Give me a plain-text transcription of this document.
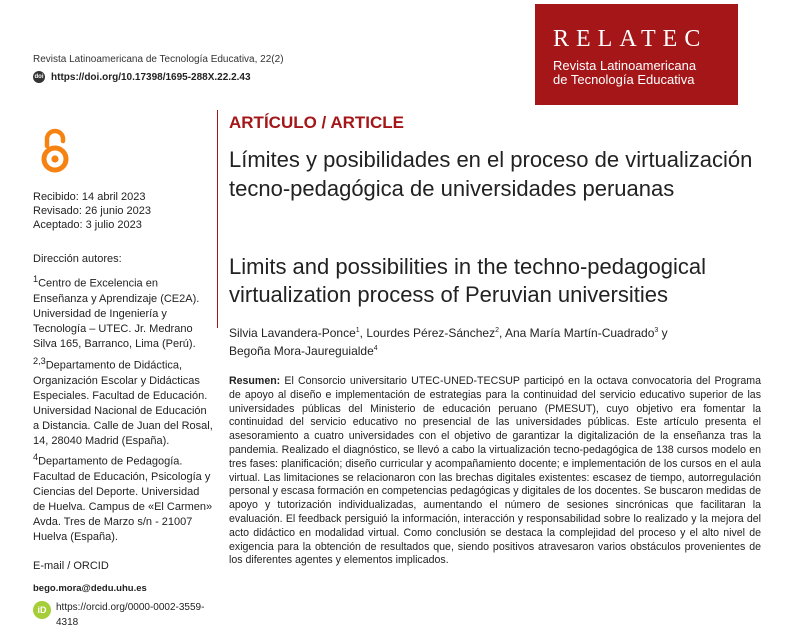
Revista Latinoamericana de Tecnología Educativa, 22(2)
doi https://doi.org/10.17398/1695-288X.22.2.43
RELATEC
Revista Latinoamericana
de Tecnología Educativa
Recibido: 14 abril 2023
Revisado: 26 junio 2023
Aceptado: 3 julio 2023
Dirección autores:
$^1$Centro de Excelencia en Enseñanza y Aprendizaje (CE2A). Universidad de Ingeniería y Tecnología – UTEC. Jr. Medrano Silva 165, Barranco, Lima (Perú).
$^{2,3}$Departamento de Didáctica, Organización Escolar y Didácticas Especiales. Facultad de Educación. Universidad Nacional de Educación a Distancia. Calle de Juan del Rosal, 14, 28040 Madrid (España).
$^4$Departamento de Pedagogía. Facultad de Educación, Psicología y Ciencias del Deporte. Universidad de Huelva. Campus de «El Carmen» Avda. Tres de Marzo s/n - 21007 Huelva (España).
E-mail / ORCID
bego.mora@dedu.uhu.es
iD https://orcid.org/0000-0002-3559-4318
ARTÍCULO / ARTICLE
Límites y posibilidades en el proceso de virtualización tecno-pedagógica de universidades peruanas
Limits and possibilities in the techno-pedagogical virtualization process of Peruvian universities
Silvia Lavandera-Ponce$^1$, Lourdes Pérez-Sánchez$^2$, Ana María Martín-Cuadrado$^3$ y
Begoña Mora-Jaureguialde$^4$
Resumen: El Consorcio universitario UTEC-UNED-TECSUP participó en la octava convocatoria del Programa de apoyo al diseño e implementación de estrategias para la continuidad del servicio educativo superior de las universidades públicas del Ministerio de educación peruano (PMESUT), cuyo objetivo era fomentar la continuidad del servicio educativo no presencial de las universidades públicas. Este artículo presenta el asesoramiento a cuatro universidades con el objetivo de garantizar la digitalización de la enseñanza tras la pandemia. Realizado el diagnóstico, se llevó a cabo la virtualización tecno-pedagógica de 138 cursos modelo en tres fases: planificación; diseño curricular y acompañamiento docente; e implementación de los cursos en el aula virtual. Las limitaciones se relacionaron con las brechas digitales existentes: escasez de tiempo, autorregulación personal y escasa formación en competencias pedagógicas y digitales de los docentes. Se buscaron medidas de apoyo y tutorización individualizadas, aumentando el número de sesiones sincrónicas que facilitaran la evaluación. El feedback persiguió la información, interacción y responsabilidad sobre lo realizado y la mejora del acto didáctico en modalidad virtual. Como conclusión se destaca la complejidad del proceso y el alto nivel de exigencia para la obtención de resultados que, siendo positivos atravesaron varios obstáculos provenientes de los diferentes agentes y elementos implicados.
